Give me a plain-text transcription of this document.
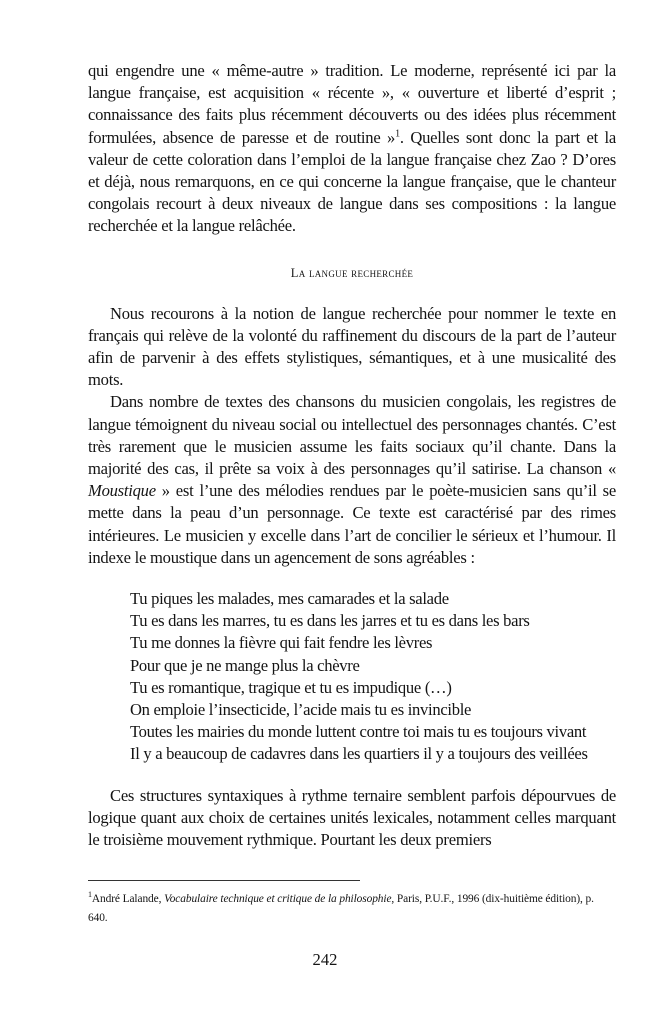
qui engendre une « même-autre » tradition. Le moderne, représenté ici par la langue française, est acquisition « récente », « ouverture et liberté d’esprit ; connaissance des faits plus récemment découverts ou des idées plus récemment formulées, absence de paresse et de routine »$^1$. Quelles sont donc la part et la valeur de cette coloration dans l’emploi de la langue française chez Zao ? D’ores et déjà, nous remarquons, en ce qui concerne la langue française, que le chanteur congolais recourt à deux niveaux de langue dans ses compositions : la langue recherchée et la langue relâchée.

La langue recherchée

Nous recourons à la notion de langue recherchée pour nommer le texte en français qui relève de la volonté du raffinement du discours de la part de l’auteur afin de parvenir à des effets stylistiques, sémantiques, et à une musicalité des mots.

Dans nombre de textes des chansons du musicien congolais, les registres de langue témoignent du niveau social ou intellectuel des personnages chantés. C’est très rarement que le musicien assume les faits sociaux qu’il chante. Dans la majorité des cas, il prête sa voix à des personnages qu’il satirise. La chanson « Moustique » est l’une des mélodies rendues par le poète-musicien sans qu’il se mette dans la peau d’un personnage. Ce texte est caractérisé par des rimes intérieures. Le musicien y excelle dans l’art de concilier le sérieux et l’humour. Il indexe le moustique dans un agencement de sons agréables :

Tu piques les malades, mes camarades et la salade
Tu es dans les marres, tu es dans les jarres et tu es dans les bars
Tu me donnes la fièvre qui fait fendre les lèvres
Pour que je ne mange plus la chèvre
Tu es romantique, tragique et tu es impudique (…)
On emploie l’insecticide, l’acide mais tu es invincible
Toutes les mairies du monde luttent contre toi mais tu es toujours vivant
Il y a beaucoup de cadavres dans les quartiers il y a toujours des veillées

Ces structures syntaxiques à rythme ternaire semblent parfois dépourvues de logique quant aux choix de certaines unités lexicales, notamment celles marquant le troisième mouvement rythmique. Pourtant les deux premiers

$^1$André Lalande, Vocabulaire technique et critique de la philosophie, Paris, P.U.F., 1996 (dix-huitième édition), p. 640.
242
